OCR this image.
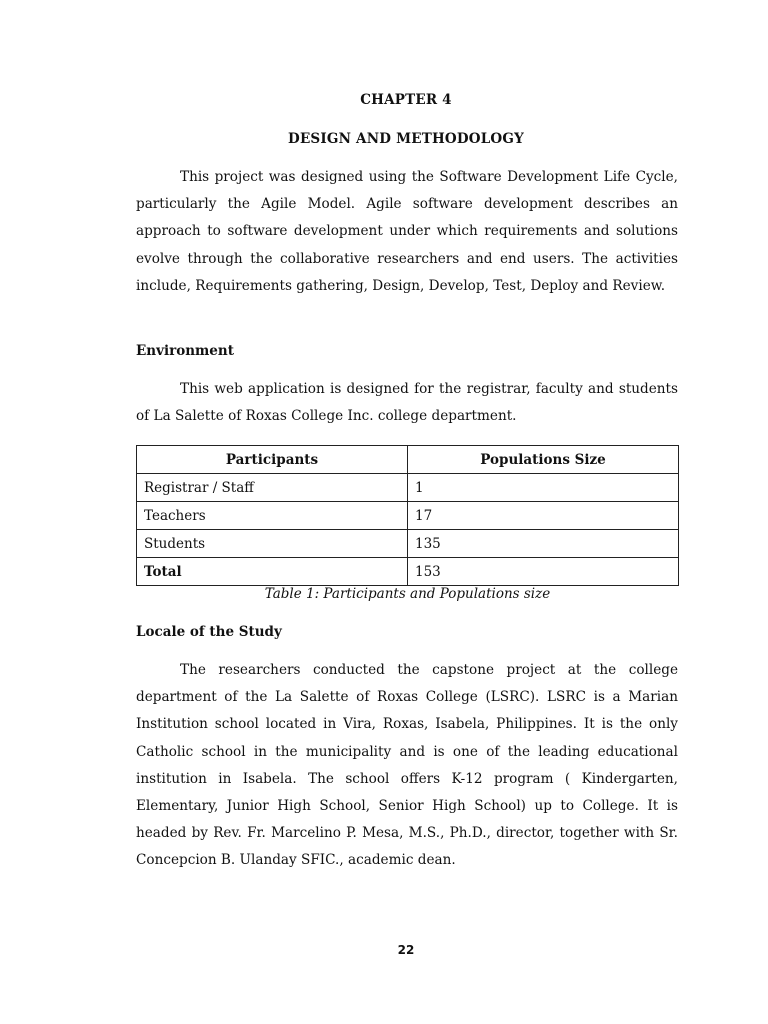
CHAPTER 4
DESIGN AND METHODOLOGY

This project was designed using the Software Development Life Cycle, particularly the Agile Model. Agile software development describes an approach to software development under which requirements and solutions evolve through the collaborative researchers and end users. The activities include, Requirements gathering, Design, Develop, Test, Deploy and Review.

Environment

This web application is designed for the registrar, faculty and students of La Salette of Roxas College Inc. college department.

Participants	Populations Size
Registrar / Staff	1
Teachers	17
Students	135
Total	153
Table 1: Participants and Populations size
Locale of the Study

The researchers conducted the capstone project at the college department of the La Salette of Roxas College (LSRC). LSRC is a Marian Institution school located in Vira, Roxas, Isabela, Philippines. It is the only Catholic school in the municipality and is one of the leading educational institution in Isabela. The school offers K-12 program ( Kindergarten, Elementary, Junior High School, Senior High School) up to College. It is headed by Rev. Fr. Marcelino P. Mesa, M.S., Ph.D., director, together with Sr. Concepcion B. Ulanday SFIC., academic dean.

22
